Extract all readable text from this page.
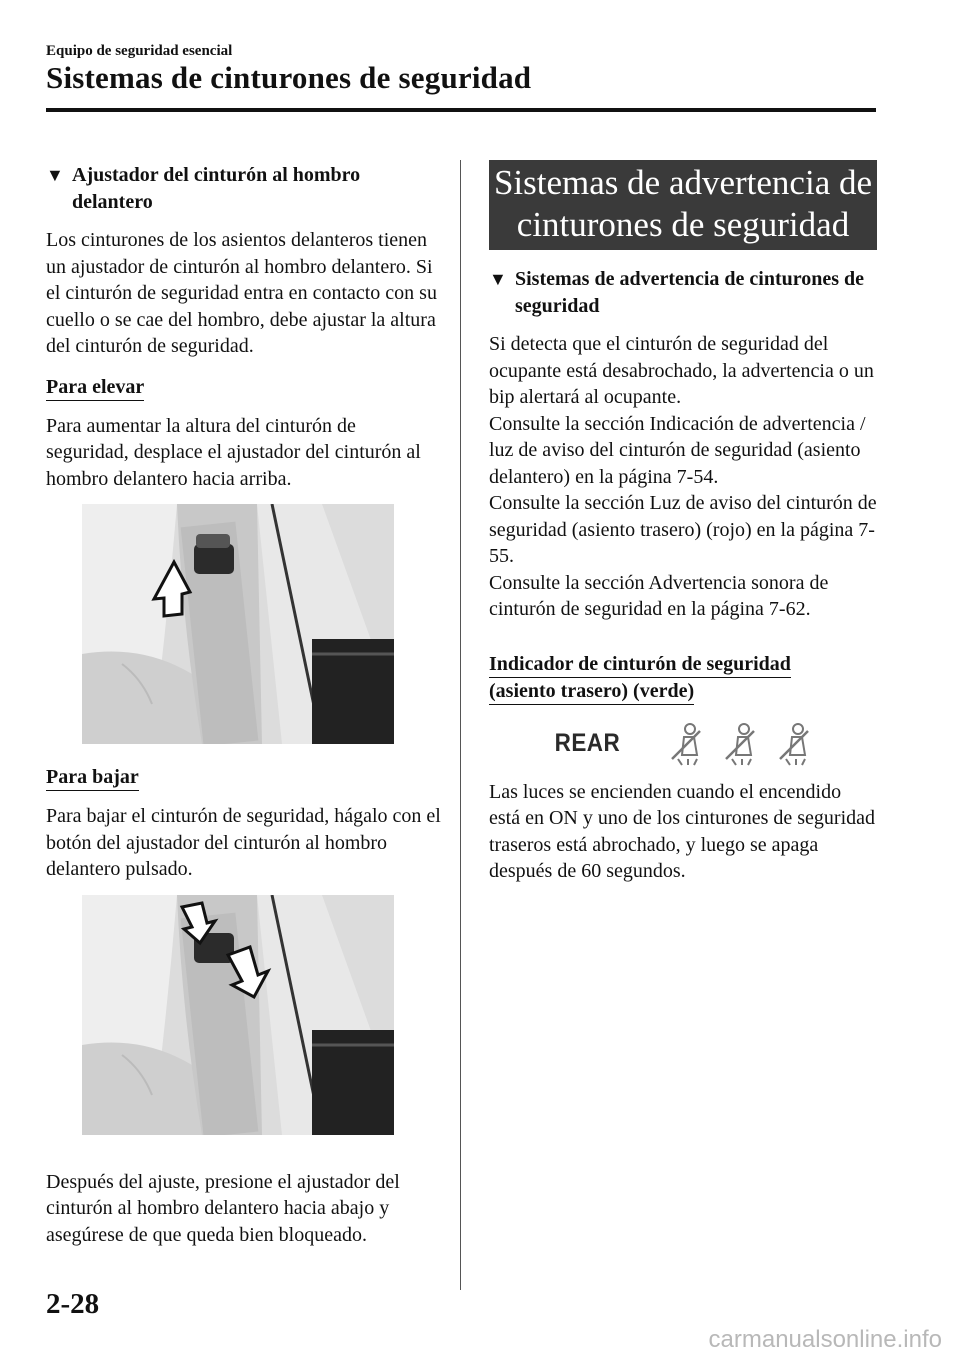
Equipo de seguridad esencial
Sistemas de cinturones de seguridad
▼ Ajustador del cinturón al hombro delantero

Los cinturones de los asientos delanteros tienen un ajustador de cinturón al hombro delantero. Si el cinturón de seguridad entra en contacto con su cuello o se cae del hombro, debe ajustar la altura del cinturón de seguridad.

Para elevar

Para aumentar la altura del cinturón de seguridad, desplace el ajustador del cinturón al hombro delantero hacia arriba.

Para bajar

Para bajar el cinturón de seguridad, hágalo con el botón del ajustador del cinturón al hombro delantero pulsado.

Después del ajuste, presione el ajustador del cinturón al hombro delantero hacia abajo y asegúrese de que queda bien bloqueado.

Sistemas de advertencia de cinturones de seguridad
▼ Sistemas de advertencia de cinturones de seguridad

Si detecta que el cinturón de seguridad del ocupante está desabrochado, la advertencia o un bip alertará al ocupante.

Consulte la sección Indicación de advertencia / luz de aviso del cinturón de seguridad (asiento delantero) en la página 7-54.

Consulte la sección Luz de aviso del cinturón de seguridad (asiento trasero) (rojo) en la página 7-55.

Consulte la sección Advertencia sonora de cinturón de seguridad en la página 7-62.

Indicador de cinturón de seguridad
(asiento trasero) (verde)
REAR

Las luces se encienden cuando el encendido está en ON y uno de los cinturones de seguridad traseros está abrochado, y luego se apaga después de 60 segundos.

2-28
carmanualsonline.info
